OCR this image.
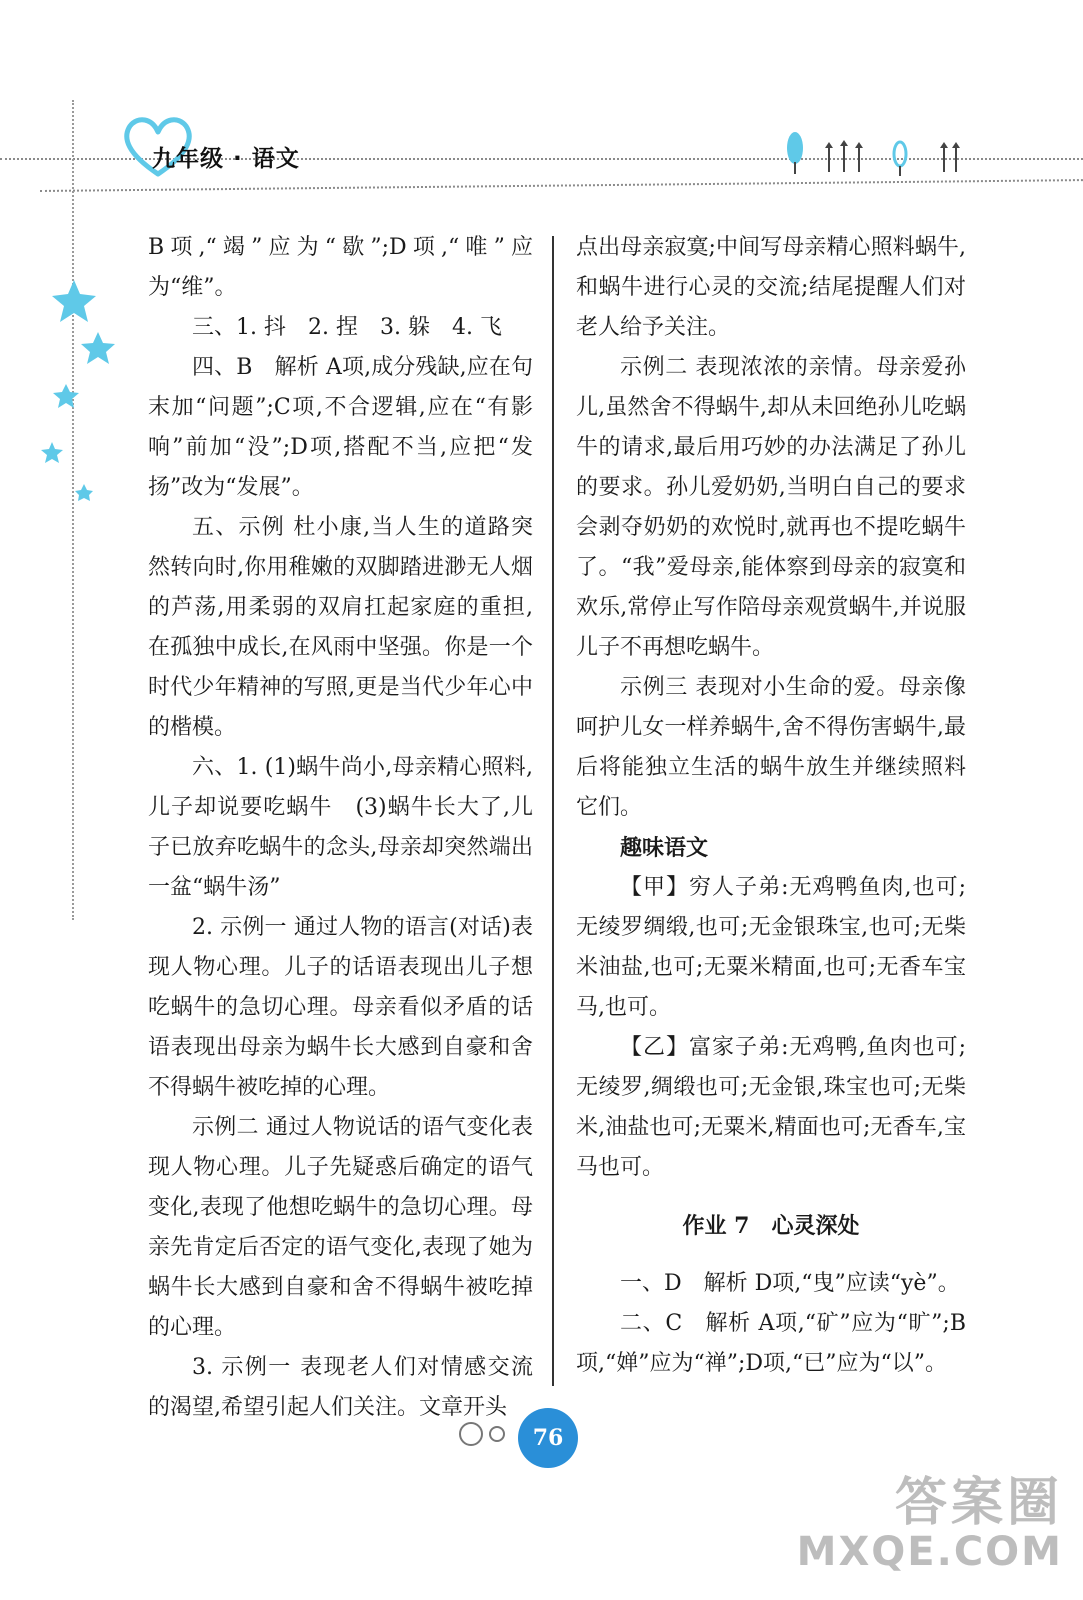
九年级 · 语文

B项,“竭”应为“歇”;D项,“唯”应为“维”。

三、1. 抖　2. 捏　3. 躲　4. 飞

四、B　解析 A项,成分残缺,应在句末加“问题”;C项,不合逻辑,应在“有影响”前加“没”;D项,搭配不当,应把“发扬”改为“发展”。

五、示例 杜小康,当人生的道路突然转向时,你用稚嫩的双脚踏进渺无人烟的芦荡,用柔弱的双肩扛起家庭的重担,在孤独中成长,在风雨中坚强。你是一个时代少年精神的写照,更是当代少年心中的楷模。

六、1. (1)蜗牛尚小,母亲精心照料,儿子却说要吃蜗牛　(3)蜗牛长大了,儿子已放弃吃蜗牛的念头,母亲却突然端出一盆“蜗牛汤”

2. 示例一 通过人物的语言(对话)表现人物心理。儿子的话语表现出儿子想吃蜗牛的急切心理。母亲看似矛盾的话语表现出母亲为蜗牛长大感到自豪和舍不得蜗牛被吃掉的心理。

示例二 通过人物说话的语气变化表现人物心理。儿子先疑惑后确定的语气变化,表现了他想吃蜗牛的急切心理。母亲先肯定后否定的语气变化,表现了她为蜗牛长大感到自豪和舍不得蜗牛被吃掉的心理。

3. 示例一 表现老人们对情感交流的渴望,希望引起人们关注。文章开头

点出母亲寂寞;中间写母亲精心照料蜗牛,和蜗牛进行心灵的交流;结尾提醒人们对老人给予关注。

示例二 表现浓浓的亲情。母亲爱孙儿,虽然舍不得蜗牛,却从未回绝孙儿吃蜗牛的请求,最后用巧妙的办法满足了孙儿的要求。孙儿爱奶奶,当明白自己的要求会剥夺奶奶的欢悦时,就再也不提吃蜗牛了。“我”爱母亲,能体察到母亲的寂寞和欢乐,常停止写作陪母亲观赏蜗牛,并说服儿子不再想吃蜗牛。

示例三 表现对小生命的爱。母亲像呵护儿女一样养蜗牛,舍不得伤害蜗牛,最后将能独立生活的蜗牛放生并继续照料它们。

趣味语文

【甲】穷人子弟:无鸡鸭鱼肉,也可;无绫罗绸缎,也可;无金银珠宝,也可;无柴米油盐,也可;无粟米精面,也可;无香车宝马,也可。

【乙】富家子弟:无鸡鸭,鱼肉也可;无绫罗,绸缎也可;无金银,珠宝也可;无柴米,油盐也可;无粟米,精面也可;无香车,宝马也可。

作业 7　心灵深处

一、D　解析 D项,“曳”应读“yè”。

二、C　解析 A项,“矿”应为“旷”;B项,“婵”应为“禅”;D项,“已”应为“以”。

76
答案圈
MXQE.COM
